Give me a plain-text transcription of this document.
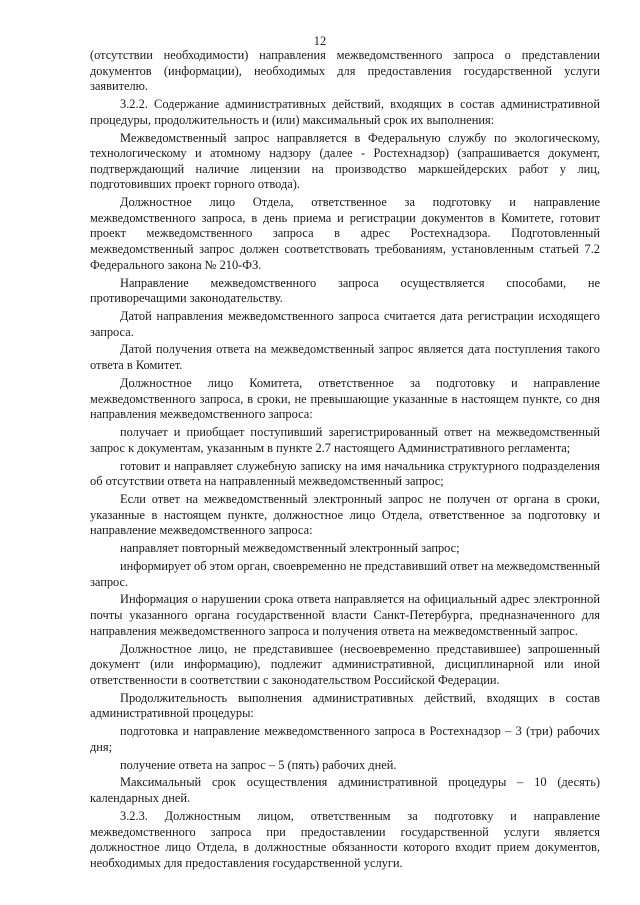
12

(отсутствии необходимости) направления межведомственного запроса о представлении документов (информации), необходимых для предоставления государственной услуги заявителю.

3.2.2. Содержание административных действий, входящих в состав административной процедуры, продолжительность и (или) максимальный срок их выполнения:

Межведомственный запрос направляется в Федеральную службу по экологическому, технологическому и атомному надзору (далее - Ростехнадзор) (запрашивается документ, подтверждающий наличие лицензии на производство маркшейдерских работ у лиц, подготовивших проект горного отвода).

Должностное лицо Отдела, ответственное за подготовку и направление межведомственного запроса, в день приема и регистрации документов в Комитете, готовит проект межведомственного запроса в адрес Ростехнадзора. Подготовленный межведомственный запрос должен соответствовать требованиям, установленным статьей 7.2 Федерального закона № 210-ФЗ.

Направление межведомственного запроса осуществляется способами, не противоречащими законодательству.

Датой направления межведомственного запроса считается дата регистрации исходящего запроса.

Датой получения ответа на межведомственный запрос является дата поступления такого ответа в Комитет.

Должностное лицо Комитета, ответственное за подготовку и направление межведомственного запроса, в сроки, не превышающие указанные в настоящем пункте, со дня направления межведомственного запроса:

получает и приобщает поступивший зарегистрированный ответ на межведомственный запрос к документам, указанным в пункте 2.7 настоящего Административного регламента;

готовит и направляет служебную записку на имя начальника структурного подразделения об отсутствии ответа на направленный межведомственный запрос;

Если ответ на межведомственный электронный запрос не получен от органа в сроки, указанные в настоящем пункте, должностное лицо Отдела, ответственное за подготовку и направление межведомственного запроса:

направляет повторный межведомственный электронный запрос;

информирует об этом орган, своевременно не представивший ответ на межведомственный запрос.

Информация о нарушении срока ответа направляется на официальный адрес электронной почты указанного органа государственной власти Санкт-Петербурга, предназначенного для направления межведомственного запроса и получения ответа на межведомственный запрос.

Должностное лицо, не представившее (несвоевременно представившее) запрошенный документ (или информацию), подлежит административной, дисциплинарной или иной ответственности в соответствии с законодательством Российской Федерации.

Продолжительность выполнения административных действий, входящих в состав административной процедуры:

подготовка и направление межведомственного запроса в Ростехнадзор – 3 (три) рабочих дня;

получение ответа на запрос – 5 (пять) рабочих дней.

Максимальный срок осуществления административной процедуры – 10 (десять) календарных дней.

3.2.3. Должностным лицом, ответственным за подготовку и направление межведомственного запроса при предоставлении государственной услуги является должностное лицо Отдела, в должностные обязанности которого входит прием документов, необходимых для предоставления государственной услуги.
